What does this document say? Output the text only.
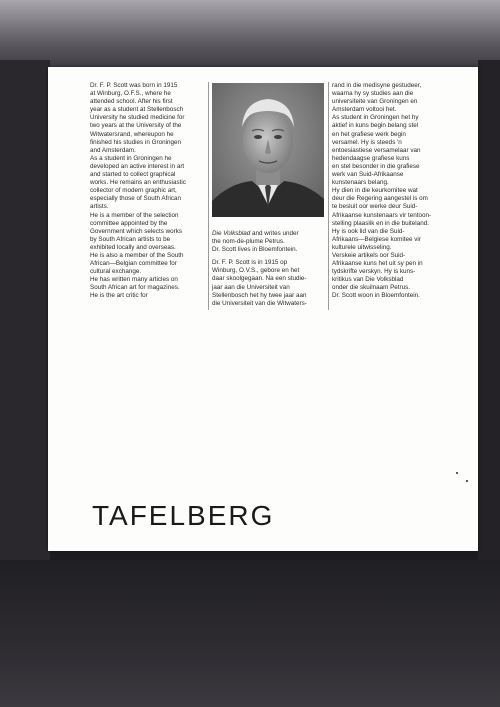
Dr. F. P. Scott was born in 1915

at Winburg, O.F.S., where he

attended school. After his first

year as a student at Stellenbosch

University he studied medicine for

two years at the University of the

Witwatersrand, whereupon he

finished his studies in Groningen

and Amsterdam.

As a student in Groningen he

developed an active interest in art

and started to collect graphical

works. He remains an enthusiastic

collector of modern graphic art,

especially those of South African

artists.

He is a member of the selection

committee appointed by the

Government which selects works

by South African artists to be

exhibited locally and overseas.

He is also a member of the South

African—Belgian committee for

cultural exchange.

He has written many articles on

South African art for magazines.

He is the art critic for

Die Volksblad and writes under

the nom-de-plume Petrus.

Dr. Scott lives in Bloemfontein.

Dr. F. P. Scott is in 1915 op

Winburg, O.V.S., gebore en het

daar skoolgegaan. Na een studie-

jaar aan die Universiteit van

Stellenbosch het hy twee jaar aan

die Universiteit van die Witwaters-

rand in die medisyne gestudeer,

waarna hy sy studies aan die

universiteite van Groningen en

Amsterdam voltooi het.

As student in Groningen het hy

aktief in kuns begin belang stel

en het grafiese werk begin

versamel. Hy is steeds 'n

entoesiastiese versamelaar van

hedendaagse grafiese kuns

en stel besonder in die grafiese

werk van Suid-Afrikaanse

kunstenaars belang.

Hy dien in die keurkomitee wat

deur die Regering aangestel is om

te besluit oor werke deur Suid-

Afrikaanse kunstenaars vir tentoon-

stelling plaaslik en in die buiteland.

Hy is ook lid van die Suid-

Afrikaans—Belgiese komitee vir

kulturele uitwisseling.

Verskeie artikels oor Suid-

Afrikaanse kuns het uit sy pen in

tydskrifte verskyn. Hy is kuns-

kritikus van Die Volksblad

onder die skuilnaam Petrus.

Dr. Scott woon in Bloemfontein.

TAFELBERG
